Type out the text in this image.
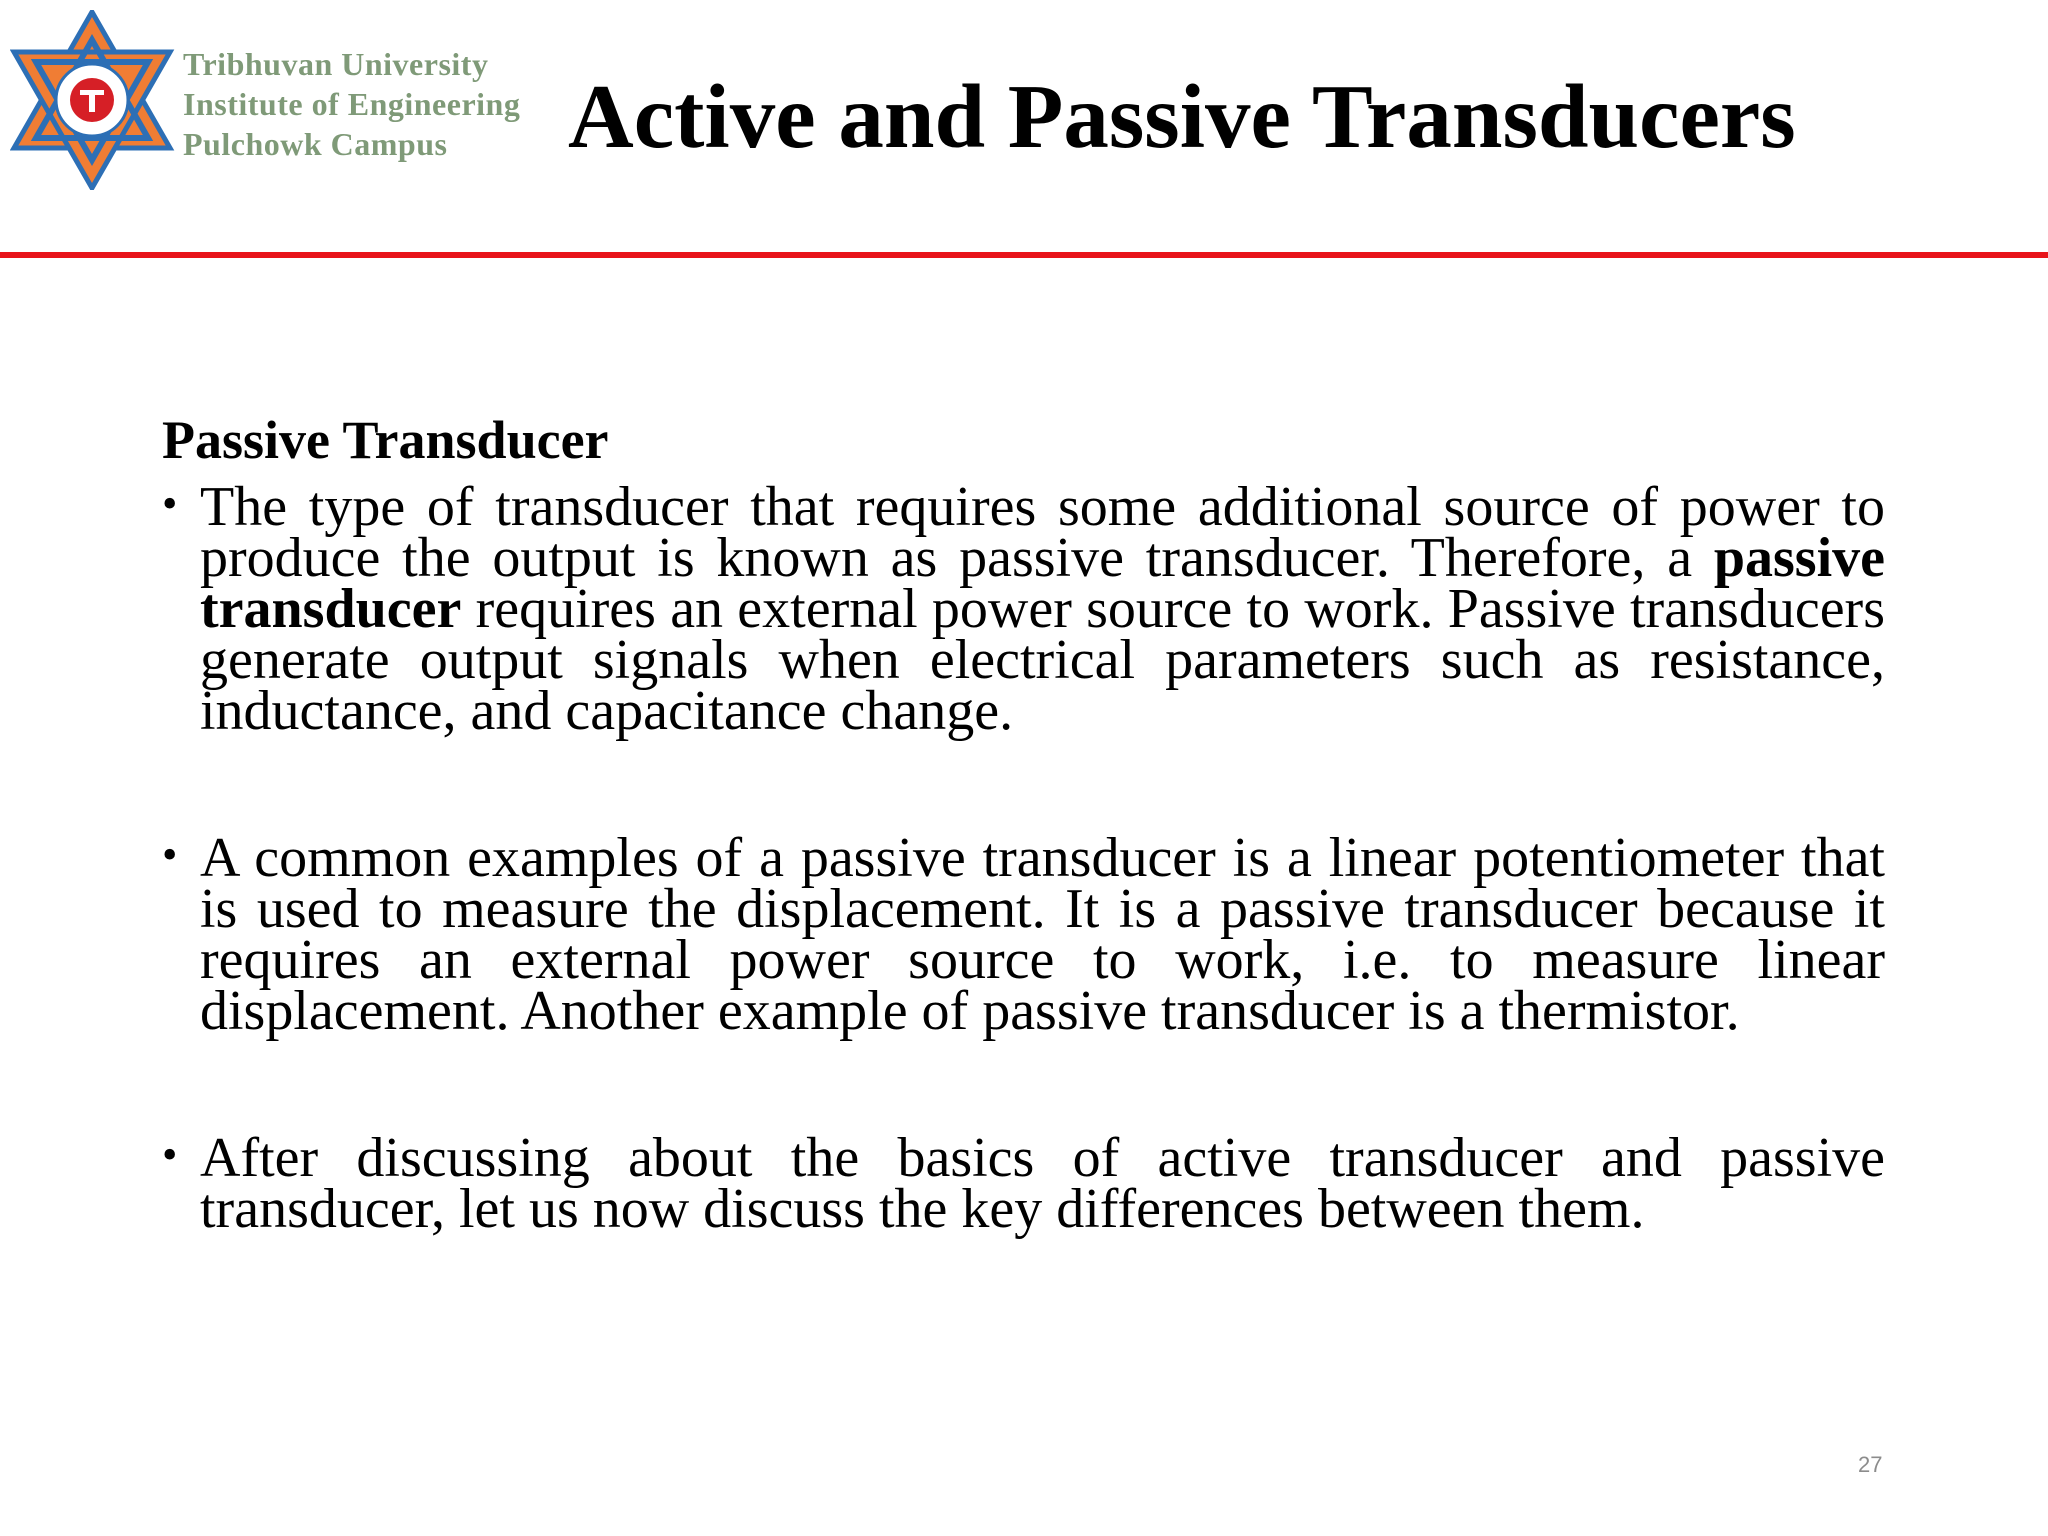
Tribhuvan University
Institute of Engineering
Pulchowk Campus	Active and Passive Transducers
Passive Transducer
• The type of transducer that requires some additional source of power to produce the output is known as passive transducer. Therefore, a passive transducer requires an external power source to work. Passive transducers generate output signals when electrical parameters such as resistance, inductance, and capacitance change.
• A common examples of a passive transducer is a linear potentiometer that is used to measure the displacement. It is a passive transducer because it requires an external power source to work, i.e. to measure linear displacement. Another example of passive transducer is a thermistor.
• After discussing about the basics of active transducer and passive transducer, let us now discuss the key differences between them.
27
